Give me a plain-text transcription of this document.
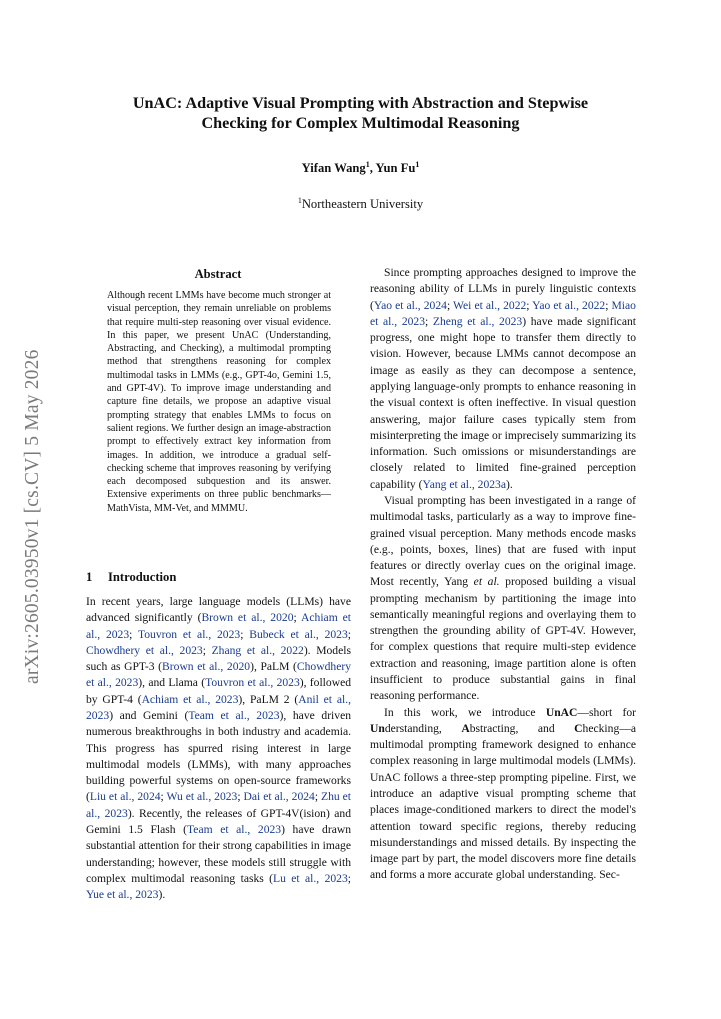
arXiv:2605.03950v1 [cs.CV] 5 May 2026
UnAC: Adaptive Visual Prompting with Abstraction and Stepwise
Checking for Complex Multimodal Reasoning
Yifan Wang$^1$, Yun Fu$^1$
$^1$Northeastern University
Abstract
Although recent LMMs have become much stronger at visual perception, they remain unreliable on problems that require multi-step reasoning over visual evidence. In this paper, we present UnAC (Understanding, Abstracting, and Checking), a multimodal prompting method that strengthens reasoning for complex multimodal tasks in LMMs (e.g., GPT-4o, Gemini 1.5, and GPT-4V). To improve image understanding and capture fine details, we propose an adaptive visual prompting strategy that enables LMMs to focus on salient regions. We further design an image-abstraction prompt to effectively extract key information from images. In addition, we introduce a gradual self-checking scheme that improves reasoning by verifying each decomposed subquestion and its answer. Extensive experiments on three public benchmarks—MathVista, MM-Vet, and MMMU.
1 Introduction

In recent years, large language models (LLMs) have advanced significantly (Brown et al., 2020; Achiam et al., 2023; Touvron et al., 2023; Bubeck et al., 2023; Chowdhery et al., 2023; Zhang et al., 2022). Models such as GPT-3 (Brown et al., 2020), PaLM (Chowdhery et al., 2023), and Llama (Touvron et al., 2023), followed by GPT-4 (Achiam et al., 2023), PaLM 2 (Anil et al., 2023) and Gemini (Team et al., 2023), have driven numerous breakthroughs in both industry and academia. This progress has spurred rising interest in large multimodal models (LMMs), with many approaches building powerful systems on open-source frameworks (Liu et al., 2024; Wu et al., 2023; Dai et al., 2024; Zhu et al., 2023). Recently, the releases of GPT-4V(ision) and Gemini 1.5 Flash (Team et al., 2023) have drawn substantial attention for their strong capabilities in image understanding; however, these models still struggle with complex multimodal reasoning tasks (Lu et al., 2023; Yue et al., 2023).

Since prompting approaches designed to improve the reasoning ability of LLMs in purely linguistic contexts (Yao et al., 2024; Wei et al., 2022; Yao et al., 2022; Miao et al., 2023; Zheng et al., 2023) have made significant progress, one might hope to transfer them directly to vision. However, because LMMs cannot decompose an image as easily as they can decompose a sentence, applying language-only prompts to enhance reasoning in the visual context is often ineffective. In visual question answering, major failure cases typically stem from misinterpreting the image or imprecisely summarizing its information. Such omissions or misunderstandings are closely related to limited fine-grained perception capability (Yang et al., 2023a).

Visual prompting has been investigated in a range of multimodal tasks, particularly as a way to improve fine-grained visual perception. Many methods encode masks (e.g., points, boxes, lines) that are fused with input features or directly overlay cues on the original image. Most recently, Yang et al. proposed building a visual prompting mechanism by partitioning the image into semantically meaningful regions and overlaying them to strengthen the grounding ability of GPT-4V. However, for complex questions that require multi-step evidence extraction and reasoning, image partition alone is often insufficient to produce substantial gains in final reasoning performance.

In this work, we introduce UnAC—short for Understanding, Abstracting, and Checking—a multimodal prompting framework designed to enhance complex reasoning in large multimodal models (LMMs). UnAC follows a three-step prompting pipeline. First, we introduce an adaptive visual prompting scheme that places image-conditioned markers to direct the model's attention toward specific regions, thereby reducing misunderstandings and missed details. By inspecting the image part by part, the model discovers more fine details and forms a more accurate global understanding. Sec-
